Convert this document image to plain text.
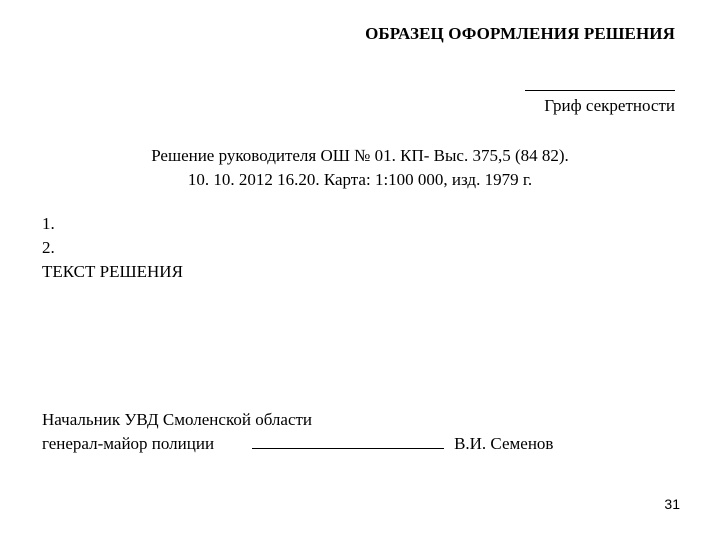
ОБРАЗЕЦ ОФОРМЛЕНИЯ РЕШЕНИЯ
Гриф секретности
Решение руководителя ОШ № 01. КП- Выс. 375,5 (84 82).
10. 10. 2012 16.20. Карта: 1:100 000, изд. 1979 г.
1.
2.
ТЕКСТ РЕШЕНИЯ
Начальник УВД Смоленской области
генерал-майор полиции	В.И. Семенов
31
